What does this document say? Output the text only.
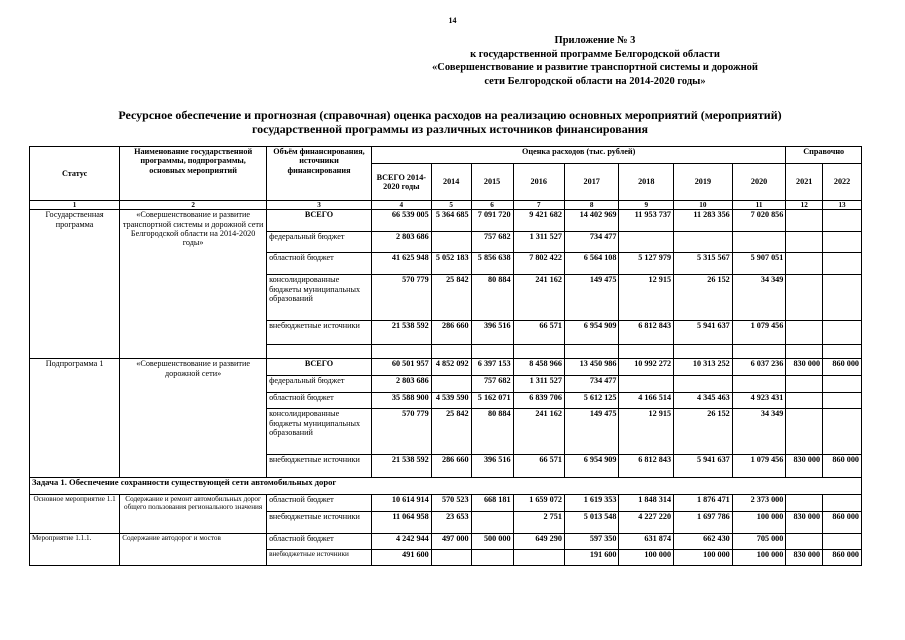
14
Приложение № 3
к государственной программе Белгородской области
«Совершенствование и развитие транспортной системы и дорожной
сети Белгородской области на 2014-2020 годы»
Ресурсное обеспечение и прогнозная (справочная) оценка расходов на реализацию основных мероприятий (мероприятий)
государственной программы из различных источников финансирования
Статус	Наименование государственной программы, подпрограммы, основных мероприятий	Объём финансирования, источники финансирования	Оценка расходов (тыс. рублей)								Справочно	
			ВСЕГО 2014-2020 годы	2014	2015	2016	2017	2018	2019	2020	2021	2022
1	2	3	4	5	6	7	8	9	10	11	12	13
Государственная программа	«Совершенствование и развитие транспортной системы и дорожной сети Белгородской области на 2014-2020 годы»	ВСЕГО	66 539 005	5 364 685	7 091 720	9 421 682	14 402 969	11 953 737	11 283 356	7 020 856		
		федеральный бюджет	2 803 686		757 682	1 311 527	734 477					
		областной бюджет	41 625 948	5 052 183	5 856 638	7 802 422	6 564 108	5 127 979	5 315 567	5 907 051		
		консолидированные бюджеты муниципальных образований	570 779	25 842	80 884	241 162	149 475	12 915	26 152	34 349		
		внебюджетные источники	21 538 592	286 660	396 516	66 571	6 954 909	6 812 843	5 941 637	1 079 456		

Подпрограмма 1	«Совершенствование и развитие дорожной сети»	ВСЕГО	60 501 957	4 852 092	6 397 153	8 458 966	13 450 986	10 992 272	10 313 252	6 037 236	830 000	860 000
		федеральный бюджет	2 803 686		757 682	1 311 527	734 477					
		областной бюджет	35 588 900	4 539 590	5 162 071	6 839 706	5 612 125	4 166 514	4 345 463	4 923 431		
		консолидированные бюджеты муниципальных образований	570 779	25 842	80 884	241 162	149 475	12 915	26 152	34 349		
		внебюджетные источники	21 538 592	286 660	396 516	66 571	6 954 909	6 812 843	5 941 637	1 079 456	830 000	860 000
Задача 1. Обеспечение сохранности существующей сети автомобильных дорог												
Основное мероприятие 1.1	Содержание и ремонт автомобильных дорог общего пользования регионального значения	областной бюджет	10 614 914	570 523	668 181	1 659 072	1 619 353	1 848 314	1 876 471	2 373 000		
		внебюджетные источники	11 064 958	23 653		2 751	5 013 548	4 227 220	1 697 786	100 000	830 000	860 000
Мероприятие 1.1.1.	Содержание автодорог и мостов	областной бюджет	4 242 944	497 000	500 000	649 290	597 350	631 874	662 430	705 000		
		внебюджетные источники	491 600				191 600	100 000	100 000	100 000	830 000	860 000
